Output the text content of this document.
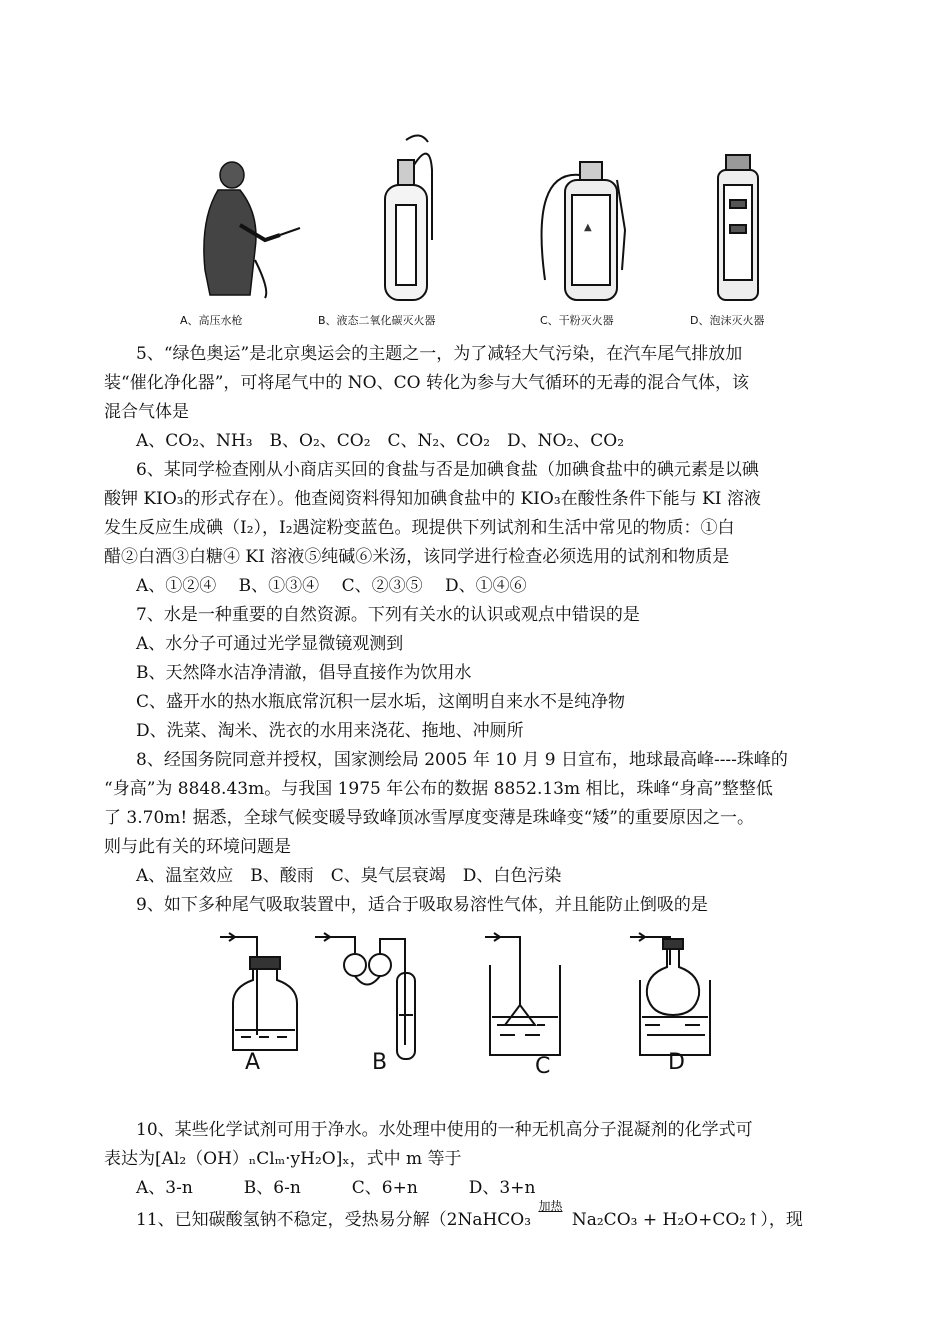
▲
A、高压水枪	B、液态二氧化碳灭火器	C、干粉灭火器	D、泡沫灭火器
5、“绿色奥运”是北京奥运会的主题之一，为了减轻大气污染，在汽车尾气排放加
装“催化净化器”，可将尾气中的 NO、CO 转化为参与大气循环的无毒的混合气体，该
混合气体是
A、CO₂、NH₃　B、O₂、CO₂　C、N₂、CO₂　D、NO₂、CO₂
6、某同学检查刚从小商店买回的食盐与否是加碘食盐（加碘食盐中的碘元素是以碘
酸钾 KIO₃的形式存在）。他查阅资料得知加碘食盐中的 KIO₃在酸性条件下能与 KI 溶液
发生反应生成碘（I₂），I₂遇淀粉变蓝色。现提供下列试剂和生活中常见的物质：①白
醋②白酒③白糖④ KI 溶液⑤纯碱⑥米汤，该同学进行检查必须选用的试剂和物质是
A、①②④　 B、①③④　 C、②③⑤　 D、①④⑥
7、水是一种重要的自然资源。下列有关水的认识或观点中错误的是
A、水分子可通过光学显微镜观测到
B、天然降水洁净清澈，倡导直接作为饮用水
C、盛开水的热水瓶底常沉积一层水垢，这阐明自来水不是纯净物
D、洗菜、淘米、洗衣的水用来浇花、拖地、冲厕所
8、经国务院同意并授权，国家测绘局 2005 年 10 月 9 日宣布，地球最高峰----珠峰的
“身高”为 8848.43m。与我国 1975 年公布的数据 8852.13m 相比，珠峰“身高”整整低
了 3.70m! 据悉，全球气候变暖导致峰顶冰雪厚度变薄是珠峰变“矮”的重要原因之一。
则与此有关的环境问题是
A、温室效应　B、酸雨　C、臭气层衰竭　D、白色污染
9、如下多种尾气吸取装置中，适合于吸取易溶性气体，并且能防止倒吸的是
A	B	C	D
10、某些化学试剂可用于净水。水处理中使用的一种无机高分子混凝剂的化学式可
表达为[Al₂（OH）ₙClₘ·yH₂O]ₓ，式中 m 等于
A、3-n　　　B、6-n　　　C、6+n　　　D、3+n
11、已知碳酸氢钠不稳定，受热易分解（2NaHCO₃
加热
Na₂CO₃ + H₂O+CO₂↑），现
